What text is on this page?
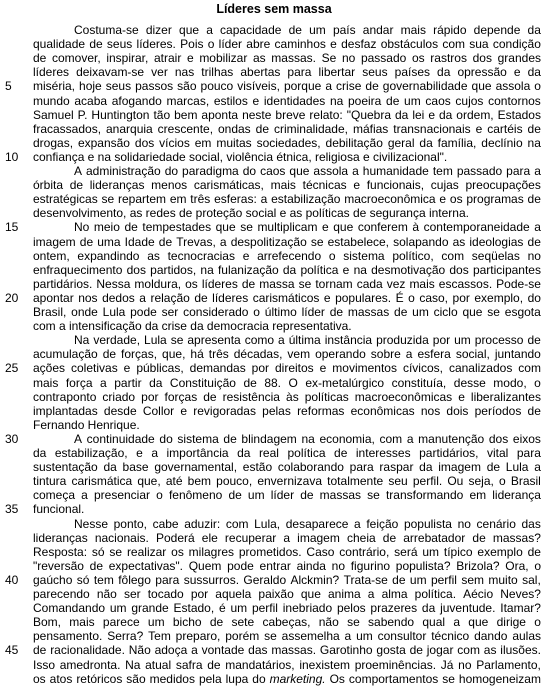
Líderes sem massa
5
10
15
20
25
30
35
40
45
Costuma-se dizer que a capacidade de um país andar mais rápido depende da
qualidade de seus líderes. Pois o líder abre caminhos e desfaz obstáculos com sua condição
de comover, inspirar, atrair e mobilizar as massas. Se no passado os rastros dos grandes
líderes deixavam-se ver nas trilhas abertas para libertar seus países da opressão e da
miséria, hoje seus passos são pouco visíveis, porque a crise de governabilidade que assola o
mundo acaba afogando marcas, estilos e identidades na poeira de um caos cujos contornos
Samuel P. Huntington tão bem aponta neste breve relato: "Quebra da lei e da ordem, Estados
fracassados, anarquia crescente, ondas de criminalidade, máfias transnacionais e cartéis de
drogas, expansão dos vícios em muitas sociedades, debilitação geral da família, declínio na
confiança e na solidariedade social, violência étnica, religiosa e civilizacional".
A administração do paradigma do caos que assola a humanidade tem passado para a
órbita de lideranças menos carismáticas, mais técnicas e funcionais, cujas preocupações
estratégicas se repartem em três esferas: a estabilização macroeconômica e os programas de
desenvolvimento, as redes de proteção social e as políticas de segurança interna.
No meio de tempestades que se multiplicam e que conferem à contemporaneidade a
imagem de uma Idade de Trevas, a despolitização se estabelece, solapando as ideologias de
ontem, expandindo as tecnocracias e arrefecendo o sistema político, com seqüelas no
enfraquecimento dos partidos, na fulanização da política e na desmotivação dos participantes
partidários. Nessa moldura, os líderes de massa se tornam cada vez mais escassos. Pode-se
apontar nos dedos a relação de líderes carismáticos e populares. É o caso, por exemplo, do
Brasil, onde Lula pode ser considerado o último líder de massas de um ciclo que se esgota
com a intensificação da crise da democracia representativa.
Na verdade, Lula se apresenta como a última instância produzida por um processo de
acumulação de forças, que, há três décadas, vem operando sobre a esfera social, juntando
ações coletivas e públicas, demandas por direitos e movimentos cívicos, canalizados com
mais força a partir da Constituição de 88. O ex-metalúrgico constituía, desse modo, o
contraponto criado por forças de resistência às políticas macroeconômicas e liberalizantes
implantadas desde Collor e revigoradas pelas reformas econômicas nos dois períodos de
Fernando Henrique.
A continuidade do sistema de blindagem na economia, com a manutenção dos eixos
da estabilização, e a importância da real política de interesses partidários, vital para
sustentação da base governamental, estão colaborando para raspar da imagem de Lula a
tintura carismática que, até bem pouco, envernizava totalmente seu perfil. Ou seja, o Brasil
começa a presenciar o fenômeno de um líder de massas se transformando em liderança
funcional.
Nesse ponto, cabe aduzir: com Lula, desaparece a feição populista no cenário das
lideranças nacionais. Poderá ele recuperar a imagem cheia de arrebatador de massas?
Resposta: só se realizar os milagres prometidos. Caso contrário, será um típico exemplo de
"reversão de expectativas". Quem pode entrar ainda no figurino populista? Brizola? Ora, o
gaúcho só tem fôlego para sussurros. Geraldo Alckmin? Trata-se de um perfil sem muito sal,
parecendo não ser tocado por aquela paixão que anima a alma política. Aécio Neves?
Comandando um grande Estado, é um perfil inebriado pelos prazeres da juventude. Itamar?
Bom, mais parece um bicho de sete cabeças, não se sabendo qual a que dirige o
pensamento. Serra? Tem preparo, porém se assemelha a um consultor técnico dando aulas
de racionalidade. Não adoça a vontade das massas. Garotinho gosta de jogar com as ilusões.
Isso amedronta. Na atual safra de mandatários, inexistem proeminências. Já no Parlamento,
os atos retóricos são medidos pela lupa do marketing. Os comportamentos se homogeneizam
